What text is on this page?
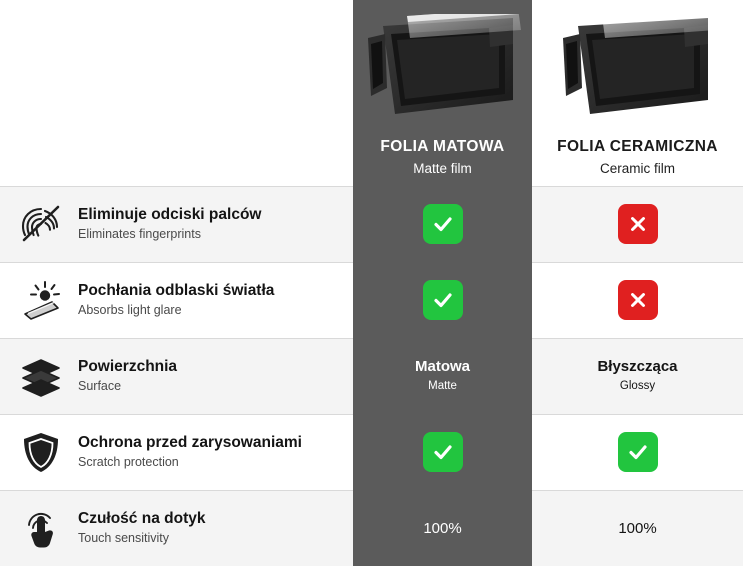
FOLIA MATOWA
Matte film
FOLIA CERAMICZNA
Ceramic film
Eliminuje odciski palców
Eliminates fingerprints
Pochłania odblaski światła
Absorbs light glare
Powierzchnia
Surface
Matowa
Matte
Błyszcząca
Glossy
Ochrona przed zarysowaniami
Scratch protection
Czułość na dotyk
Touch sensitivity
100%	100%
